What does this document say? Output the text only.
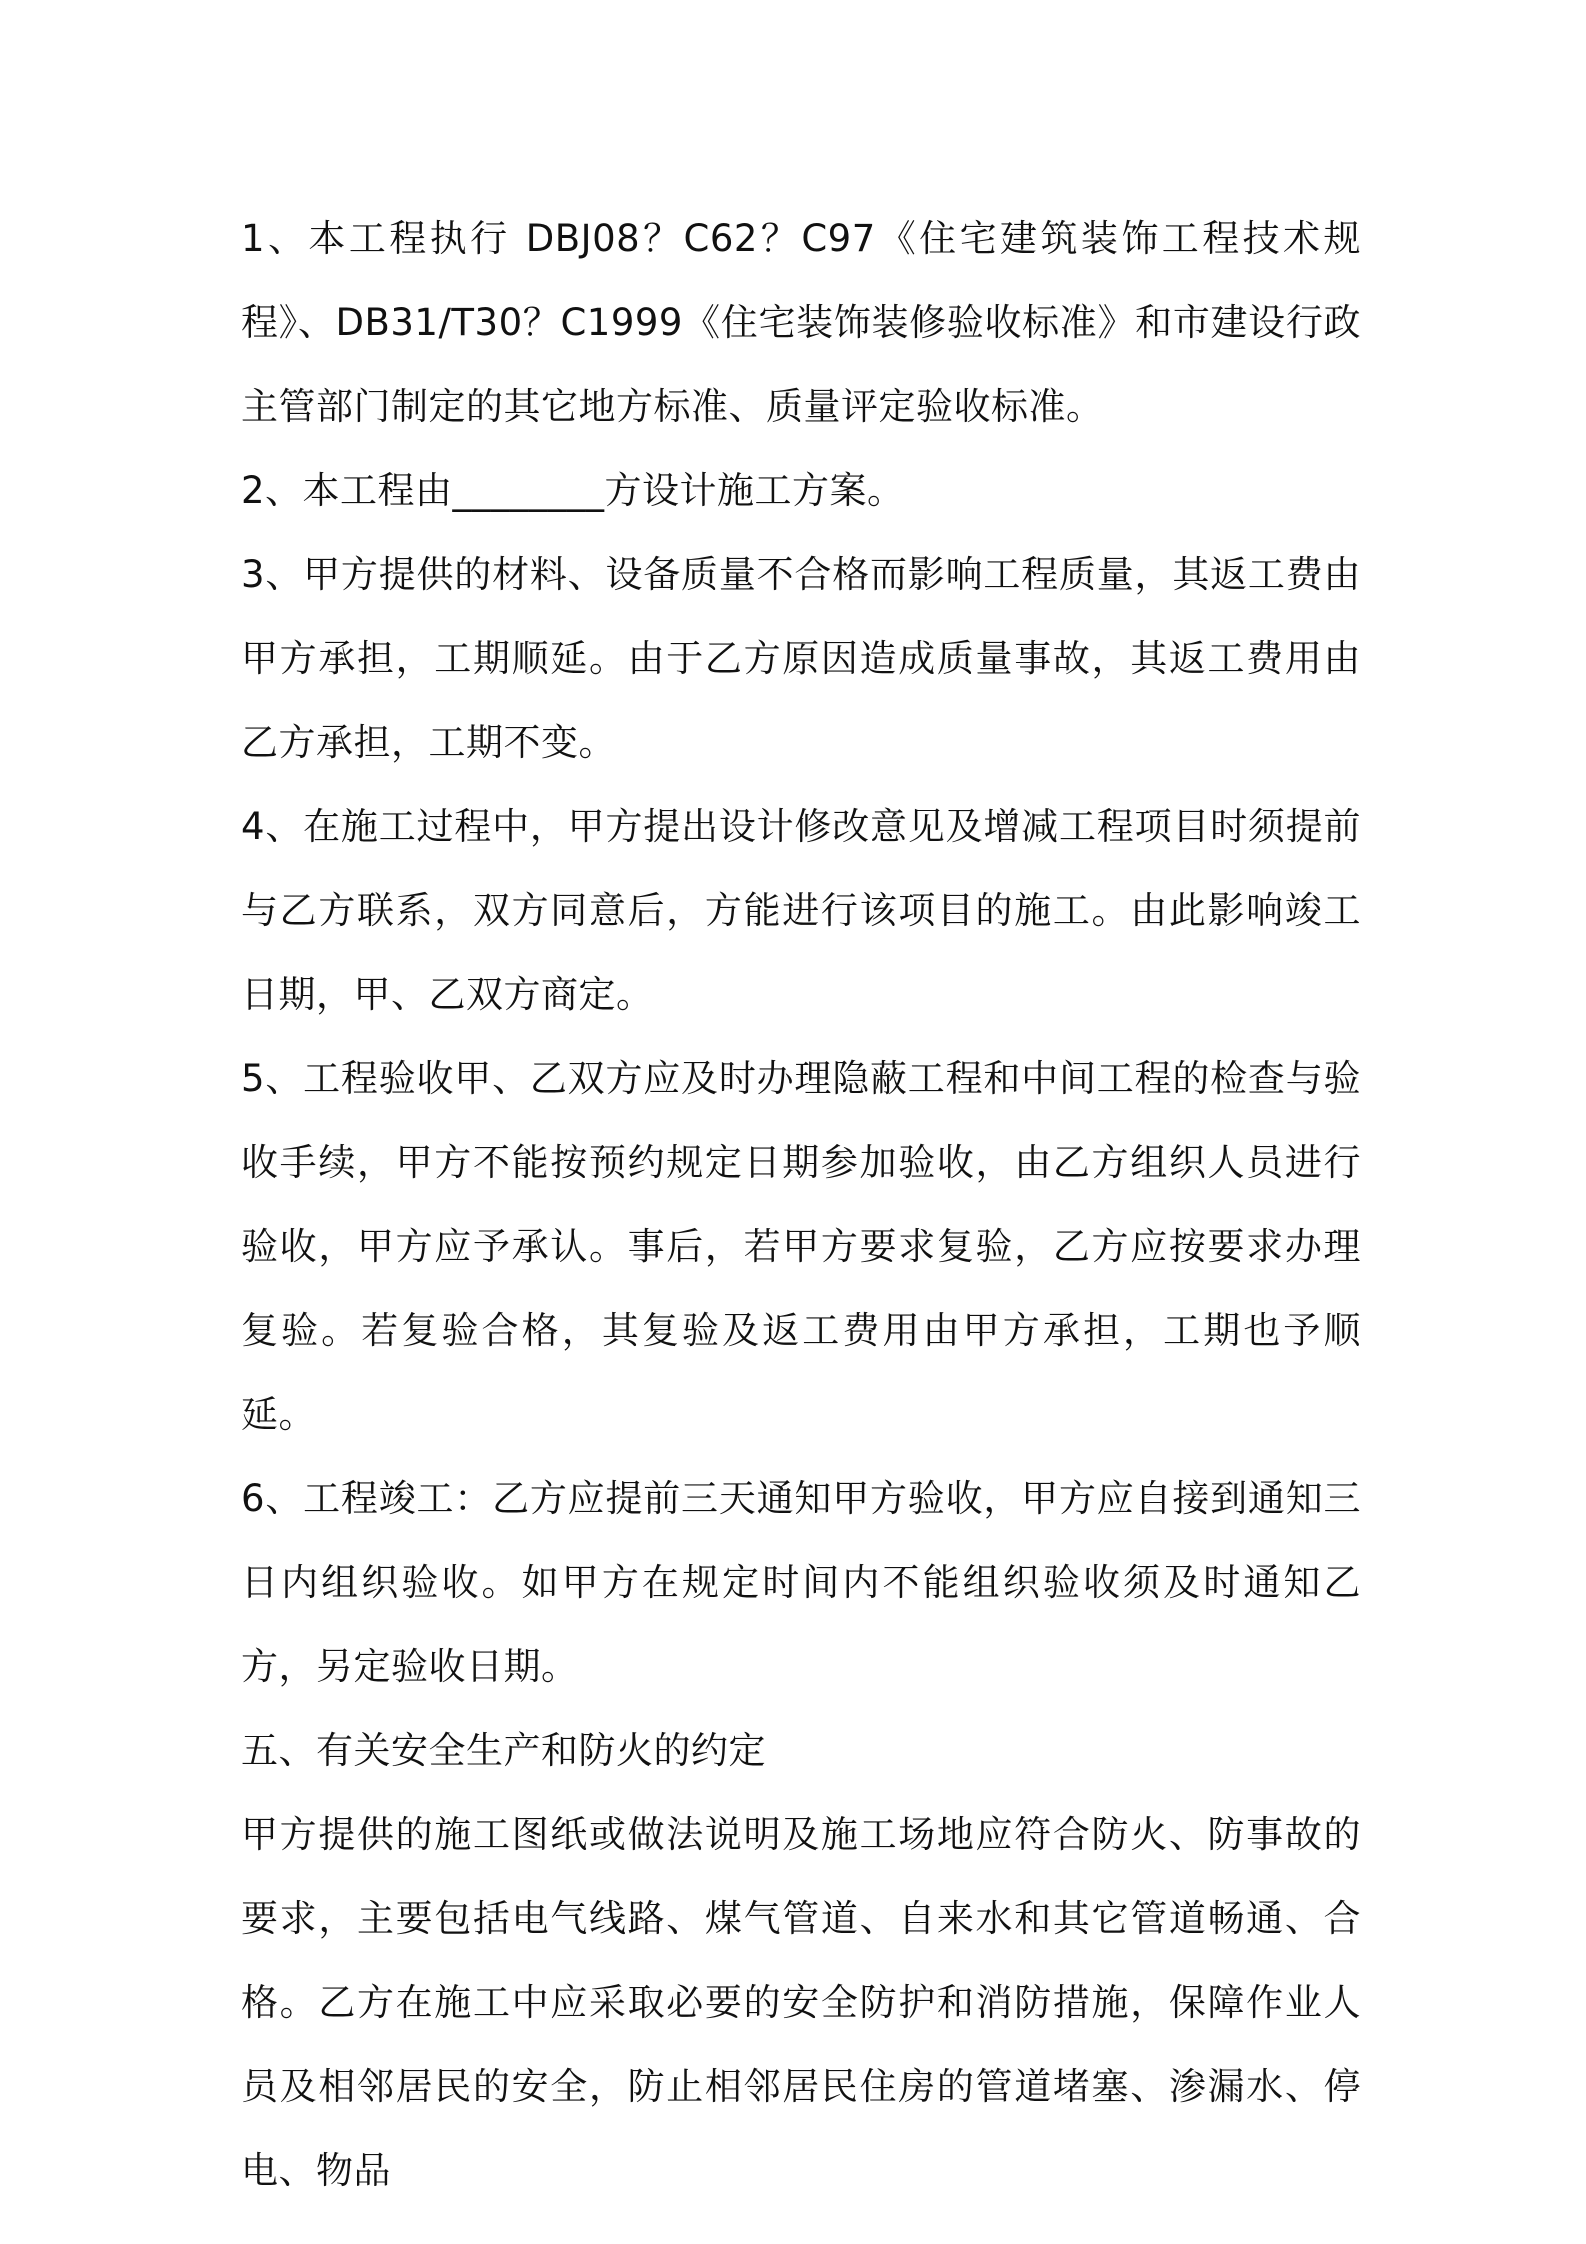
1、本工程执行 DBJ08？C62？C97《住宅建筑装饰工程技术规程》、DB31/T30？C1999《住宅装饰装修验收标准》和市建设行政主管部门制定的其它地方标准、质量评定验收标准。

2、本工程由________方设计施工方案。

3、甲方提供的材料、设备质量不合格而影响工程质量，其返工费由甲方承担，工期顺延。由于乙方原因造成质量事故，其返工费用由乙方承担，工期不变。

4、在施工过程中，甲方提出设计修改意见及增减工程项目时须提前与乙方联系，双方同意后，方能进行该项目的施工。由此影响竣工日期，甲、乙双方商定。

5、工程验收甲、乙双方应及时办理隐蔽工程和中间工程的检查与验收手续，甲方不能按预约规定日期参加验收，由乙方组织人员进行验收，甲方应予承认。事后，若甲方要求复验，乙方应按要求办理复验。若复验合格，其复验及返工费用由甲方承担，工期也予顺延。

6、工程竣工：乙方应提前三天通知甲方验收，甲方应自接到通知三日内组织验收。如甲方在规定时间内不能组织验收须及时通知乙方，另定验收日期。

五、有关安全生产和防火的约定

甲方提供的施工图纸或做法说明及施工场地应符合防火、防事故的要求，主要包括电气线路、煤气管道、自来水和其它管道畅通、合格。乙方在施工中应采取必要的安全防护和消防措施，保障作业人员及相邻居民的安全，防止相邻居民住房的管道堵塞、渗漏水、停电、物品
